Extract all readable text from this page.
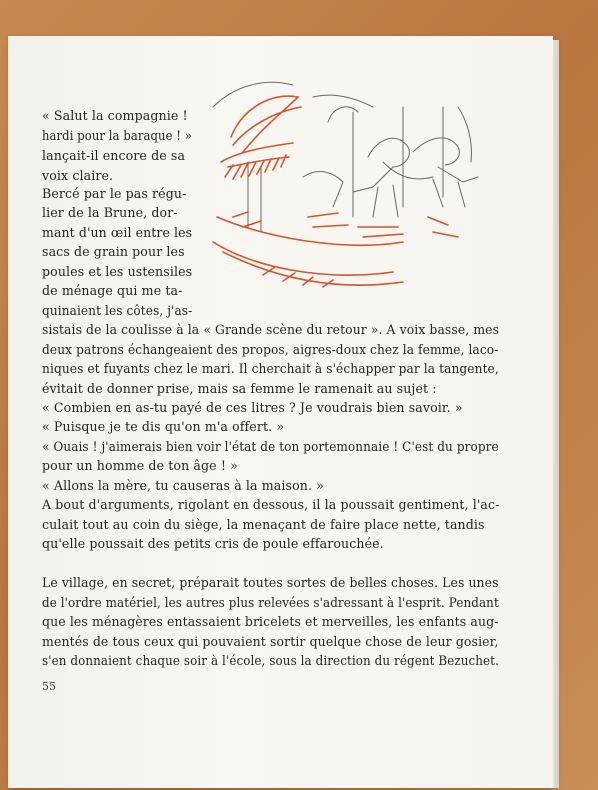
« Salut la compagnie !
hardi pour la baraque ! »
lançait-il encore de sa
voix claire.
Bercé par le pas régu-
lier de la Brune, dor-
mant d'un œil entre les
sacs de grain pour les
poules et les ustensiles
de ménage qui me ta-
quinaient les côtes, j'as-
sistais de la coulisse à la « Grande scène du retour ». A voix basse, mes
deux patrons échangeaient des propos, aigres-doux chez la femme, laco-
niques et fuyants chez le mari. Il cherchait à s'échapper par la tangente,
évitait de donner prise, mais sa femme le ramenait au sujet :
« Combien en as-tu payé de ces litres ? Je voudrais bien savoir. »
« Puisque je te dis qu'on m'a offert. »
« Ouais ! j'aimerais bien voir l'état de ton portemonnaie ! C'est du propre
pour un homme de ton âge ! »
« Allons la mère, tu causeras à la maison. »
A bout d'arguments, rigolant en dessous, il la poussait gentiment, l'ac-
culait tout au coin du siège, la menaçant de faire place nette, tandis
qu'elle poussait des petits cris de poule effarouchée.
Le village, en secret, préparait toutes sortes de belles choses. Les unes
de l'ordre matériel, les autres plus relevées s'adressant à l'esprit. Pendant
que les ménagères entassaient bricelets et merveilles, les enfants aug-
mentés de tous ceux qui pouvaient sortir quelque chose de leur gosier,
s'en donnaient chaque soir à l'école, sous la direction du régent Bezuchet.
55
